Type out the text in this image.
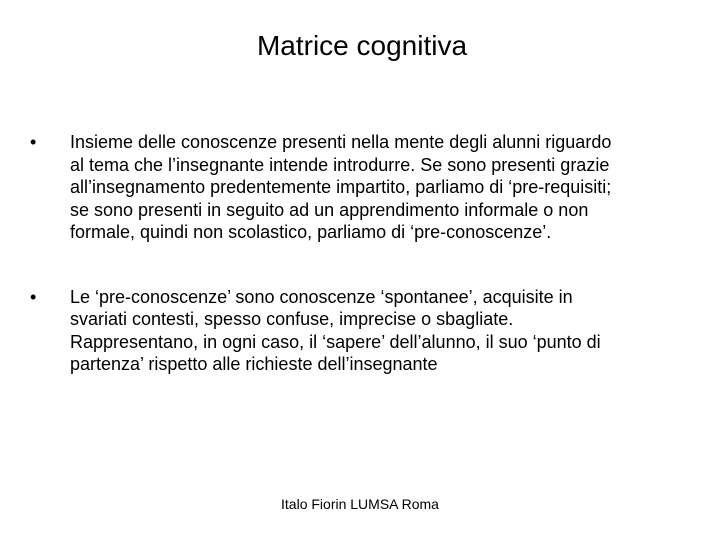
Matrice cognitiva
•	Insieme delle conoscenze presenti nella mente degli alunni riguardo
al tema che l’insegnante intende introdurre. Se sono presenti grazie
all’insegnamento predentemente impartito, parliamo di ‘pre-requisiti;
se sono presenti in seguito ad un apprendimento informale o non
formale, quindi non scolastico, parliamo di ‘pre-conoscenze’.
•	Le ‘pre-conoscenze’ sono conoscenze ‘spontanee’, acquisite in
svariati contesti, spesso confuse, imprecise o sbagliate.
Rappresentano, in ogni caso, il ‘sapere’ dell’alunno, il suo ‘punto di
partenza’ rispetto alle richieste dell’insegnante
Italo Fiorin LUMSA Roma
